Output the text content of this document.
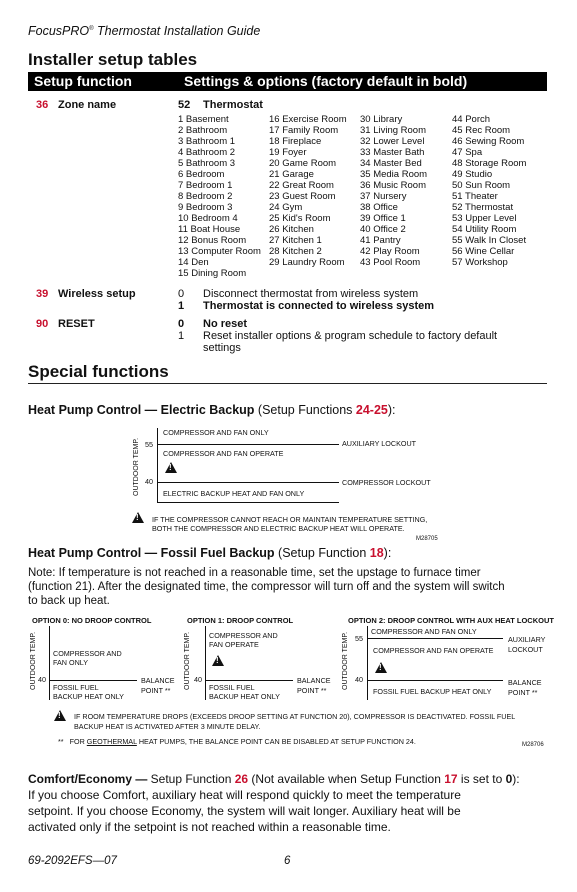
FocusPRO® Thermostat Installation Guide
Installer setup tables
Setup function	Settings & options (factory default in bold)
36 Zone name	52 Thermostat
1 Basement
2 Bathroom
3 Bathroom 1
4 Bathroom 2
5 Bathroom 3
6 Bedroom
7 Bedroom 1
8 Bedroom 2
9 Bedroom 3
10 Bedroom 4
11 Boat House
12 Bonus Room
13 Computer Room
14 Den
15 Dining Room
16 Exercise Room
17 Family Room
18 Fireplace
19 Foyer
20 Game Room
21 Garage
22 Great Room
23 Guest Room
24 Gym
25 Kid's Room
26 Kitchen
27 Kitchen 1
28 Kitchen 2
29 Laundry Room
30 Library
31 Living Room
32 Lower Level
33 Master Bath
34 Master Bed
35 Media Room
36 Music Room
37 Nursery
38 Office
39 Office 1
40 Office 2
41 Pantry
42 Play Room
43 Pool Room
44 Porch
45 Rec Room
46 Sewing Room
47 Spa
48 Storage Room
49 Studio
50 Sun Room
51 Theater
52 Thermostat
53 Upper Level
54 Utility Room
55 Walk In Closet
56 Wine Cellar
57 Workshop
39 Wireless setup	0 Disconnect thermostat from wireless system
1 Thermostat is connected to wireless system
90 RESET	0 No reset
1 Reset installer options & program schedule to factory default
settings
Special functions
Heat Pump Control — Electric Backup (Setup Functions 24-25):
OUTDOOR TEMP. 55
40
COMPRESSOR AND FAN ONLY
COMPRESSOR AND FAN OPERATE
!
ELECTRIC BACKUP HEAT AND FAN ONLY
AUXILIARY LOCKOUT
COMPRESSOR LOCKOUT
!
IF THE COMPRESSOR CANNOT REACH OR MAINTAIN TEMPERATURE SETTING,
BOTH THE COMPRESSOR AND ELECTRIC BACKUP HEAT WILL OPERATE.
M28705
Heat Pump Control — Fossil Fuel Backup (Setup Function 18):
Note: If temperature is not reached in a reasonable time, set the upstage to furnace timer
(function 21). After the designated time, the compressor will turn off and the system will switch
to back up heat.
OPTION 0: NO DROOP CONTROL	OPTION 1: DROOP CONTROL	OPTION 2: DROOP CONTROL WITH AUX HEAT LOCKOUT
OUTDOOR TEMP. 40
COMPRESSOR AND
FAN ONLY
FOSSIL FUEL
BACKUP HEAT ONLY
BALANCE
POINT **
OUTDOOR TEMP. 40
COMPRESSOR AND
FAN OPERATE
!
FOSSIL FUEL
BACKUP HEAT ONLY
BALANCE
POINT **
OUTDOOR TEMP. 55
40
COMPRESSOR AND FAN ONLY
COMPRESSOR AND FAN OPERATE
!
FOSSIL FUEL BACKUP HEAT ONLY
AUXILIARY
LOCKOUT
BALANCE
POINT **
!
IF ROOM TEMPERATURE DROPS (EXCEEDS DROOP SETTING AT FUNCTION 20), COMPRESSOR IS DEACTIVATED. FOSSIL FUEL
BACKUP HEAT IS ACTIVATED AFTER 3 MINUTE DELAY.
** FOR GEOTHERMAL HEAT PUMPS, THE BALANCE POINT CAN BE DISABLED AT SETUP FUNCTION 24.	M28706
Comfort/Economy — Setup Function 26 (Not available when Setup Function 17 is set to 0):
If you choose Comfort, auxiliary heat will respond quickly to meet the temperature
setpoint. If you choose Economy, the system will wait longer. Auxiliary heat will be
activated only if the setpoint is not reached within a reasonable time.
69-2092EFS—07	6
